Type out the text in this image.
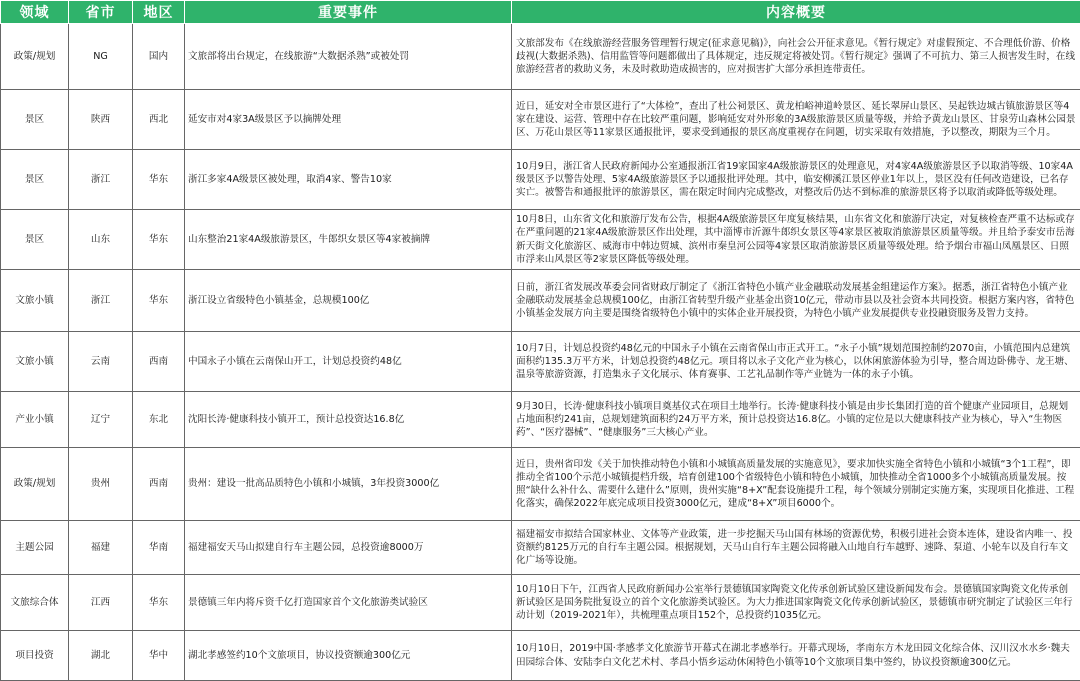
领域	省市	地区	重要事件	内容概要
政策/规划	NG	国内	文旅部将出台规定，在线旅游“大数据杀熟”或被处罚	文旅部发布《在线旅游经营服务管理暂行规定(征求意见稿)》，向社会公开征求意见。《暂行规定》对虚假预定、不合理低价游、价格歧视(大数据杀熟)、信用监管等问题都做出了具体规定，违反规定将被处罚。《暂行规定》强调了不可抗力、第三人损害发生时，在线旅游经营者的救助义务，未及时救助造成损害的，应对损害扩大部分承担连带责任。

景区	陕西	西北	延安市对4家3A级景区予以摘牌处理	近日，延安对全市景区进行了“大体检”，查出了杜公祠景区、黄龙柏峪神道岭景区、延长翠屏山景区、吴起铁边城古镇旅游景区等4家在建设、运营、管理中存在比较严重问题，影响延安对外形象的3A级旅游景区质量等级，并给予黄龙山景区、甘泉劳山森林公园景区、万花山景区等11家景区通报批评，要求受到通报的景区高度重视存在问题，切实采取有效措施，予以整改，期限为三个月。

景区	浙江	华东	浙江多家4A级景区被处理，取消4家、警告10家	10月9日，浙江省人民政府新闻办公室通报浙江省19家国家4A级旅游景区的处理意见，对4家4A级旅游景区予以取消等级、10家4A级景区予以警告处理、5家4A级旅游景区予以通报批评处理。其中，临安柳溪江景区停业1年以上，景区没有任何改造建设，已名存实亡。被警告和通报批评的旅游景区，需在限定时间内完成整改，对整改后仍达不到标准的旅游景区将予以取消或降低等级处理。

景区	山东	华东	山东整治21家4A级旅游景区，牛郎织女景区等4家被摘牌	10月8日，山东省文化和旅游厅发布公告，根据4A级旅游景区年度复核结果，山东省文化和旅游厅决定，对复核检查严重不达标或存在严重问题的21家4A级旅游景区作出处理，其中淄博市沂源牛郎织女景区等4家景区被取消旅游景区质量等级。并且给予泰安市岳海新天街文化旅游区、威海市中韩边贸城、滨州市秦皇河公园等4家景区取消旅游景区质量等级处理。给予烟台市福山凤凰景区、日照市浮来山风景区等2家景区降低等级处理。

文旅小镇	浙江	华东	浙江设立省级特色小镇基金，总规模100亿	日前，浙江省发展改革委会同省财政厅制定了《浙江省特色小镇产业金融联动发展基金组建运作方案》。据悉，浙江省特色小镇产业金融联动发展基金总规模100亿，由浙江省转型升级产业基金出资10亿元，带动市县以及社会资本共同投资。根据方案内容，省特色小镇基金发展方向主要是围绕省级特色小镇中的实体企业开展投资，为特色小镇产业发展提供专业投融资服务及智力支持。

文旅小镇	云南	西南	中国永子小镇在云南保山开工，计划总投资约48亿	10月7日，计划总投资约48亿元的中国永子小镇在云南省保山市正式开工。“永子小镇”规划范围控制约2070亩，小镇范围内总建筑面积约135.3万平方米，计划总投资约48亿元。项目将以永子文化产业为核心，以休闲旅游体验为引导，整合周边卧佛寺、龙王塘、温泉等旅游资源，打造集永子文化展示、体育赛事、工艺礼品制作等产业链为一体的永子小镇。

产业小镇	辽宁	东北	沈阳长涛·健康科技小镇开工，预计总投资达16.8亿	9月30日，长涛·健康科技小镇项目奠基仪式在项目土地举行。长涛·健康科技小镇是由步长集团打造的首个健康产业园项目，总规划占地面积约241亩，总规划建筑面积约24万平方米，预计总投资达16.8亿。小镇的定位是以大健康科技产业为核心，导入“生物医药”、“医疗器械”、“健康服务”三大核心产业。

政策/规划	贵州	西南	贵州：建设一批高品质特色小镇和小城镇，3年投资3000亿	近日，贵州省印发《关于加快推动特色小镇和小城镇高质量发展的实施意见》，要求加快实施全省特色小镇和小城镇“3个1工程”，即推动全省100个示范小城镇提档升级，培育创建100个省级特色小镇和特色小城镇，加快推动全省1000多个小城镇高质量发展。按照“缺什么补什么、需要什么建什么”原则，贵州实施“8+X”配套设施提升工程，每个领域分别制定实施方案，实现项目化推进、工程化落实，确保2022年底完成项目投资3000亿元，建成“8+X”项目6000个。

主题公园	福建	华南	福建福安天马山拟建自行车主题公园，总投资逾8000万	福建福安市拟结合国家林业、文体等产业政策，进一步挖掘天马山国有林场的资源优势，积极引进社会资本连体，建设省内唯一、投资额约8125万元的自行车主题公园。根据规划，天马山自行车主题公园将融入山地自行车越野、速降、泵道、小轮车以及自行车文化广场等设施。

文旅综合体	江西	华东	景德镇三年内将斥资千亿打造国家首个文化旅游类试验区	10月10日下午，江西省人民政府新闻办公室举行景德镇国家陶瓷文化传承创新试验区建设新闻发布会。景德镇国家陶瓷文化传承创新试验区是国务院批复设立的首个文化旅游类试验区。为大力推进国家陶瓷文化传承创新试验区，景德镇市研究制定了试验区三年行动计划（2019-2021年），共梳理重点项目152个，总投资约1035亿元。

项目投资	湖北	华中	湖北孝感签约10个文旅项目，协议投资额逾300亿元	10月10日，2019中国·孝感孝文化旅游节开幕式在湖北孝感举行。开幕式现场，孝南东方木龙田园文化综合体、汉川汉水水乡·魏夫田园综合体、安陆李白文化艺术村、孝昌小悟乡运动休闲特色小镇等10个文旅项目集中签约，协议投资额逾300亿元。
